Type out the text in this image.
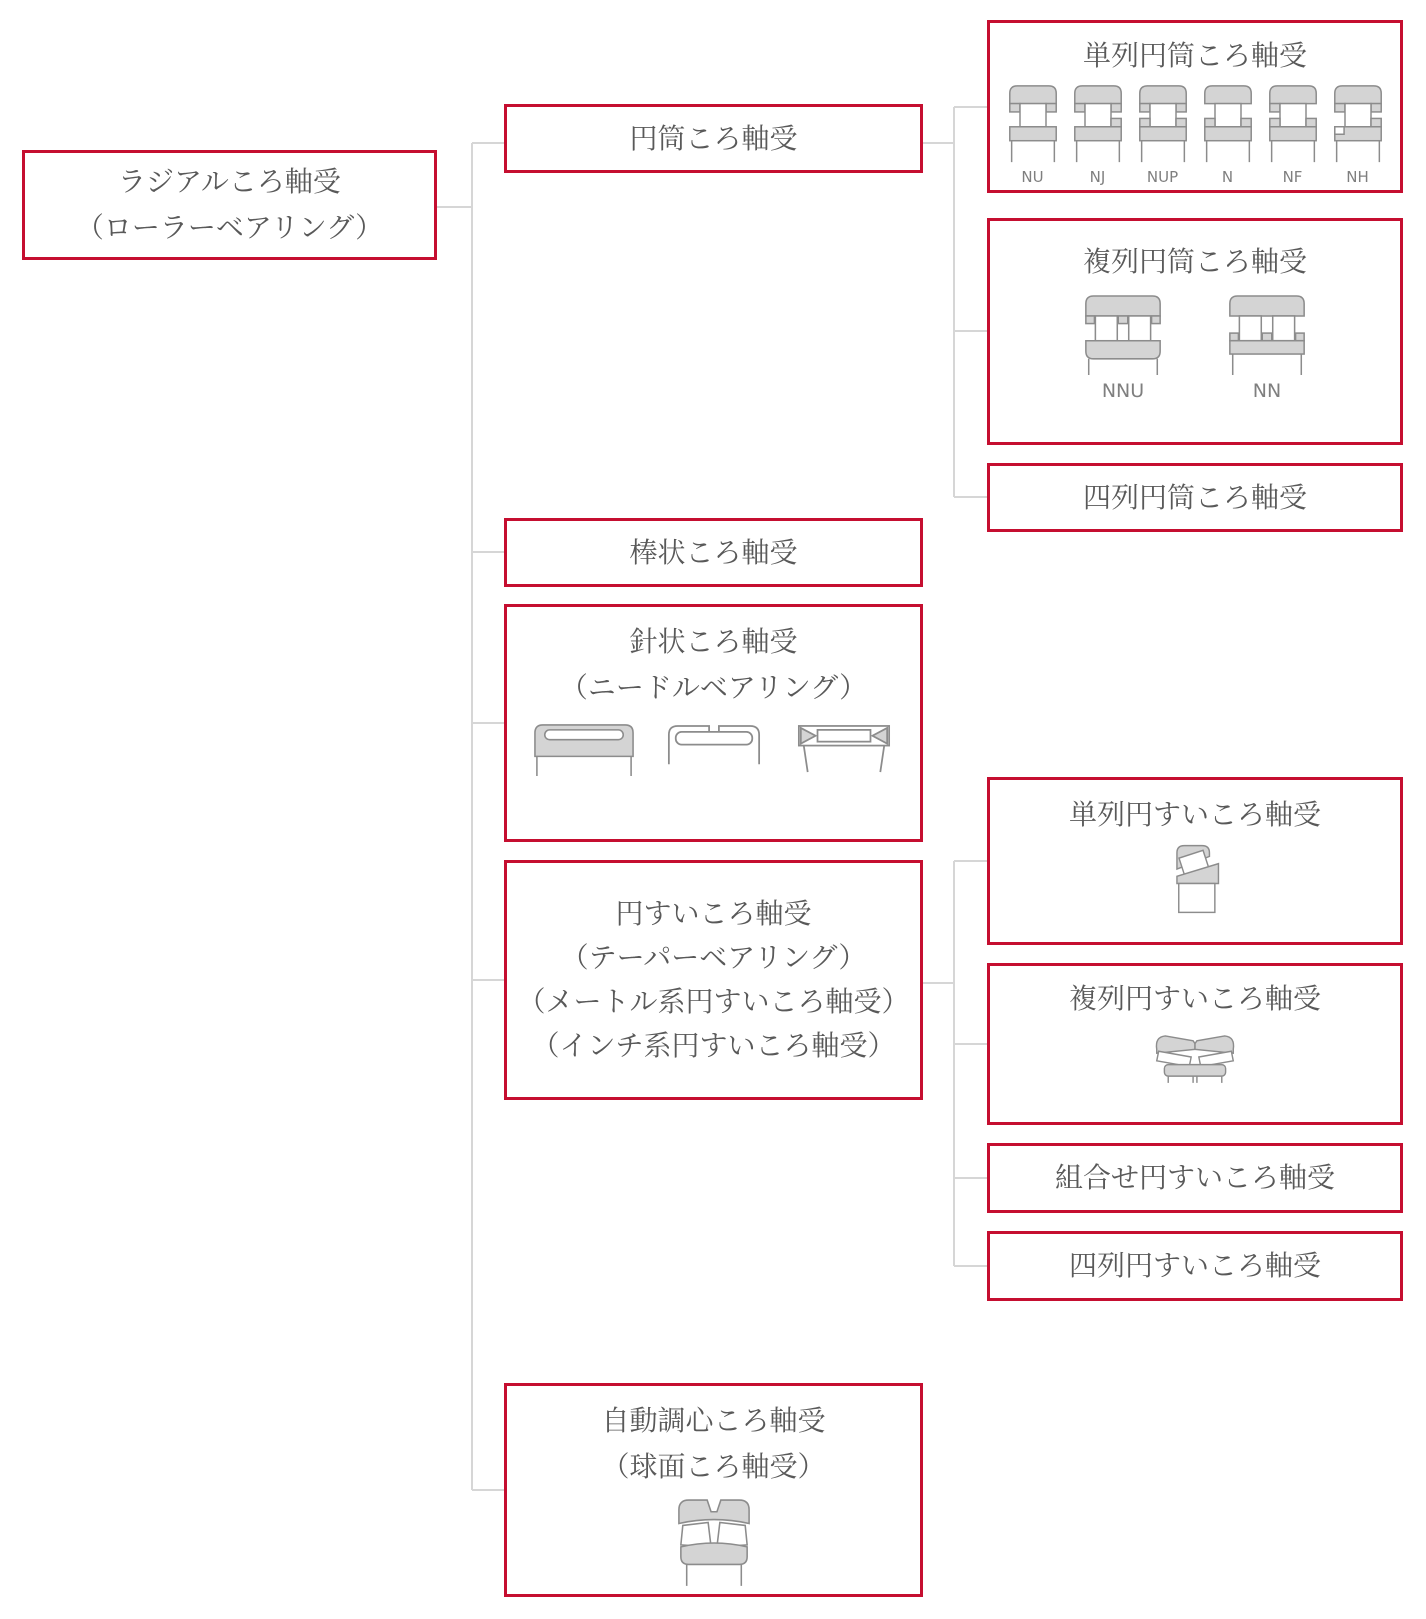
ラジアルころ軸受
（ローラーベアリング）
円筒ころ軸受
棒状ころ軸受
針状ころ軸受
（ニードルベアリング）
円すいころ軸受
（テーパーベアリング）
（メートル系円すいころ軸受）
（インチ系円すいころ軸受）
自動調心ころ軸受
（球面ころ軸受）
単列円筒ころ軸受
NU	NJ	NUP	N	NF	NH
複列円筒ころ軸受
NNU	NN
四列円筒ころ軸受
単列円すいころ軸受
複列円すいころ軸受
組合せ円すいころ軸受
四列円すいころ軸受
